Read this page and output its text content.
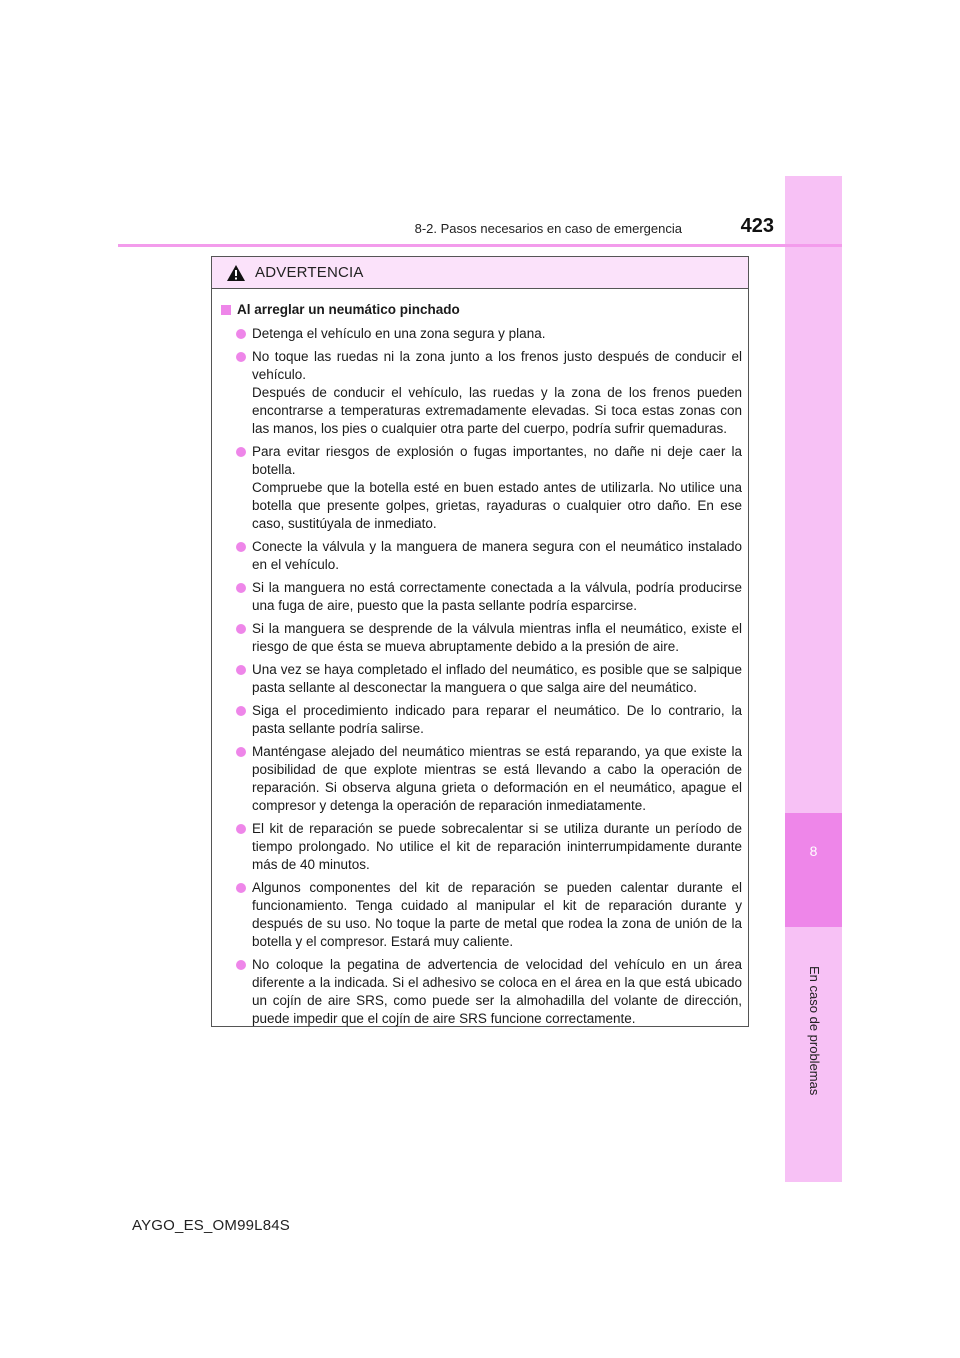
8
En caso de problemas
8-2. Pasos necesarios en caso de emergencia	423
ADVERTENCIA
Al arreglar un neumático pinchado

Detenga el vehículo en una zona segura y plana.

No toque las ruedas ni la zona junto a los frenos justo después de conducir el vehículo.

Después de conducir el vehículo, las ruedas y la zona de los frenos pueden encontrarse a temperaturas extremadamente elevadas. Si toca estas zonas con las manos, los pies o cualquier otra parte del cuerpo, podría sufrir quemaduras.

Para evitar riesgos de explosión o fugas importantes, no dañe ni deje caer la botella.

Compruebe que la botella esté en buen estado antes de utilizarla. No utilice una botella que presente golpes, grietas, rayaduras o cualquier otro daño. En ese caso, sustitúyala de inmediato.

Conecte la válvula y la manguera de manera segura con el neumático instalado en el vehículo.

Si la manguera no está correctamente conectada a la válvula, podría producirse una fuga de aire, puesto que la pasta sellante podría esparcirse.

Si la manguera se desprende de la válvula mientras infla el neumático, existe el riesgo de que ésta se mueva abruptamente debido a la presión de aire.

Una vez se haya completado el inflado del neumático, es posible que se salpique pasta sellante al desconectar la manguera o que salga aire del neumático.

Siga el procedimiento indicado para reparar el neumático. De lo contrario, la pasta sellante podría salirse.

Manténgase alejado del neumático mientras se está reparando, ya que existe la posibilidad de que explote mientras se está llevando a cabo la operación de reparación. Si observa alguna grieta o deformación en el neumático, apague el compresor y detenga la operación de reparación inmediatamente.

El kit de reparación se puede sobrecalentar si se utiliza durante un período de tiempo prolongado. No utilice el kit de reparación ininterrumpidamente durante más de 40 minutos.

Algunos componentes del kit de reparación se pueden calentar durante el funcionamiento. Tenga cuidado al manipular el kit de reparación durante y después de su uso. No toque la parte de metal que rodea la zona de unión de la botella y el compresor. Estará muy caliente.

No coloque la pegatina de advertencia de velocidad del vehículo en un área diferente a la indicada. Si el adhesivo se coloca en el área en la que está ubicado un cojín de aire SRS, como puede ser la almohadilla del volante de dirección, puede impedir que el cojín de aire SRS funcione correctamente.

AYGO_ES_OM99L84S
